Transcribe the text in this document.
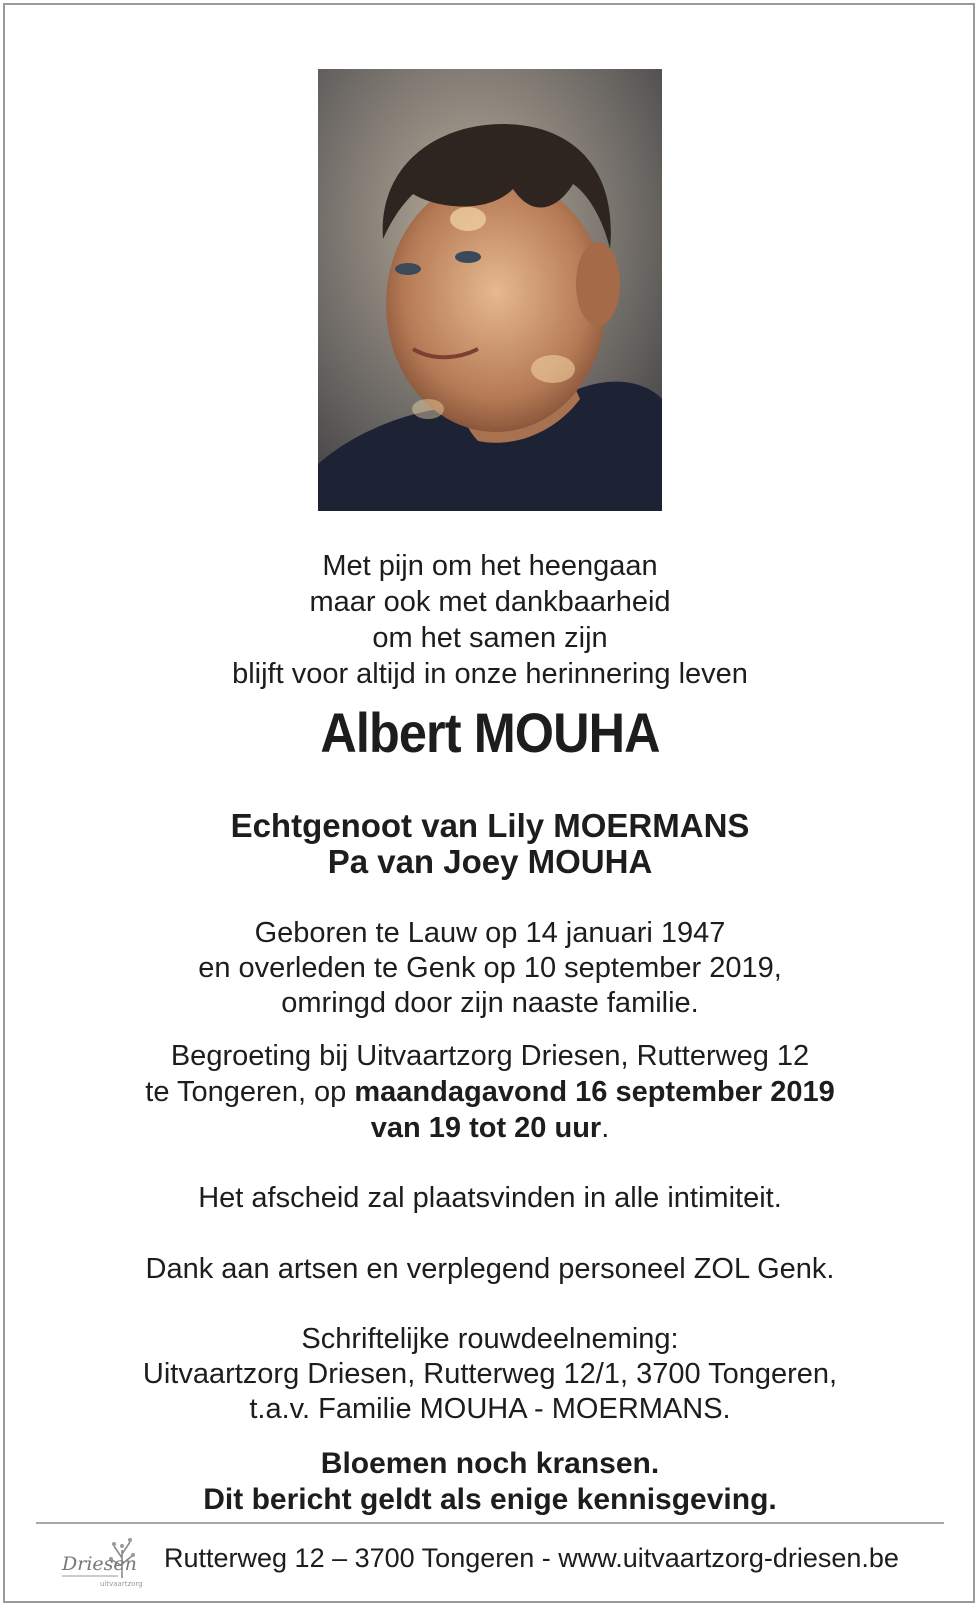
Met pijn om het heengaan
maar ook met dankbaarheid
om het samen zijn
blijft voor altijd in onze herinnering leven
Albert MOUHA
Echtgenoot van Lily MOERMANS
Pa van Joey MOUHA
Geboren te Lauw op 14 januari 1947
en overleden te Genk op 10 september 2019,
omringd door zijn naaste familie.
Begroeting bij Uitvaartzorg Driesen, Rutterweg 12
te Tongeren, op maandagavond 16 september 2019
van 19 tot 20 uur.
Het afscheid zal plaatsvinden in alle intimiteit.
Dank aan artsen en verplegend personeel ZOL Genk.
Schriftelijke rouwdeelneming:
Uitvaartzorg Driesen, Rutterweg 12/1, 3700 Tongeren,
t.a.v. Familie MOUHA - MOERMANS.
Bloemen noch kransen.
Dit bericht geldt als enige kennisgeving.
Driesen
uitvaartzorg
Rutterweg 12 – 3700 Tongeren - www.uitvaartzorg-driesen.be
